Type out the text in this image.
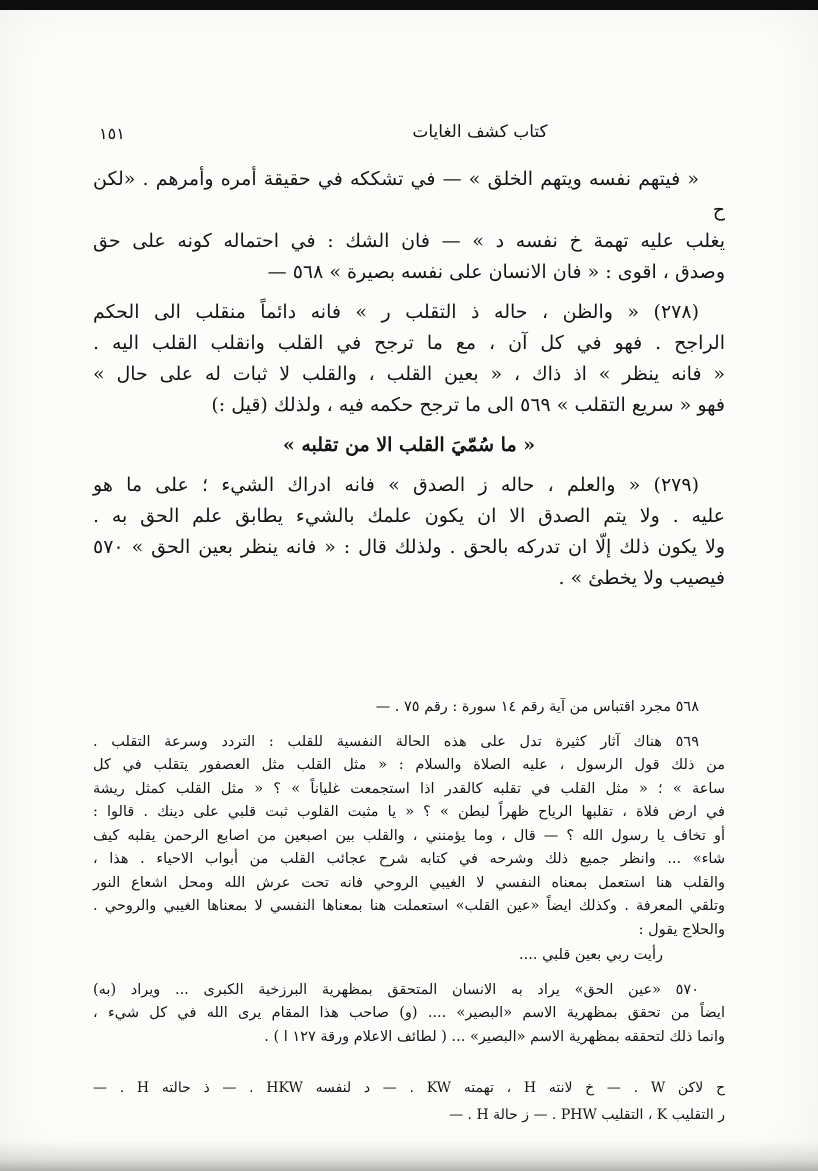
١٥١	كتاب كشف الغايات

« فيتهم نفسه ويتهم الخلق » — في تشككه في حقيقة أمره وأمرهم . «لكن ح

يغلب عليه تهمة خ نفسه د » — فان الشك : في احتماله كونه على حق

وصدق ، اقوى : « فان الانسان على نفسه بصيرة » ٥٦٨ —

(٢٧٨) « والظن ، حاله ذ التقلب ر » فانه دائماً منقلب الى الحكم

الراجح . فهو في كل آن ، مع ما ترجح في القلب وانقلب القلب اليه .

« فانه ينظر » اذ ذاك ، « بعين القلب ، والقلب لا ثبات له على حال »

فهو « سريع التقلب » ٥٦٩ الى ما ترجح حكمه فيه ، ولذلك (قيل :)

« ما سُمّيَ القلب الا من تقلبه »

(٢٧٩) « والعلم ، حاله ز الصدق » فانه ادراك الشيء ؛ على ما هو

عليه . ولا يتم الصدق الا ان يكون علمك بالشيء يطابق علم الحق به .

ولا يكون ذلك إلّا ان تدركه بالحق . ولذلك قال : « فانه ينظر بعين الحق » ٥٧٠

فيصيب ولا يخطئ » .

٥٦٨ مجرد اقتباس من آية رقم ١٤ سورة : رقم ٧٥ . —

٥٦٩ هناك آثار كثيرة تدل على هذه الحالة النفسية للقلب : التردد وسرعة التقلب .

من ذلك قول الرسول ، عليه الصلاة والسلام : « مثل القلب مثل العصفور يتقلب في كل

ساعة » ؛ « مثل القلب في تقلبه كالقدر اذا استجمعت غلياناً » ؟ « مثل القلب كمثل ريشة

في ارض فلاة ، تقلبها الرياح ظهراً لبطن » ؟ « يا مثبت القلوب ثبت قلبي على دينك . قالوا :

أو تخاف يا رسول الله ؟ — قال ، وما يؤمنني ، والقلب بين اصبعين من اصابع الرحمن يقلبه كيف

شاء» ... وانظر جميع ذلك وشرحه في كتابه شرح عجائب القلب من أبواب الاحياء . هذا ،

والقلب هنا استعمل بمعناه النفسي لا الغيبي الروحي فانه تحت عرش الله ومحل اشعاع النور

وتلقي المعرفة . وكذلك ايضاً «عين القلب» استعملت هنا بمعناها النفسي لا بمعناها الغيبي والروحي .

والحلاج يقول :

رأيت ربي بعين قلبي ....

٥٧٠ «عين الحق» يراد به الانسان المتحقق بمظهرية البرزخية الكبرى ... ويراد (به)

ايضاً من تحقق بمظهرية الاسم «البصير» .... (و) صاحب هذا المقام يرى الله في كل شيء ،

وانما ذلك لتحققه بمظهرية الاسم «البصير» ... ( لطائف الاعلام ورقة ١٢٧ ا ) .

ح لاكن W . — خ لانته H ، تهمته KW . — د لنفسه HKW . — ذ حالته H . —

ر التقليب K ، التقليب PHW . — ز حالة H . —
